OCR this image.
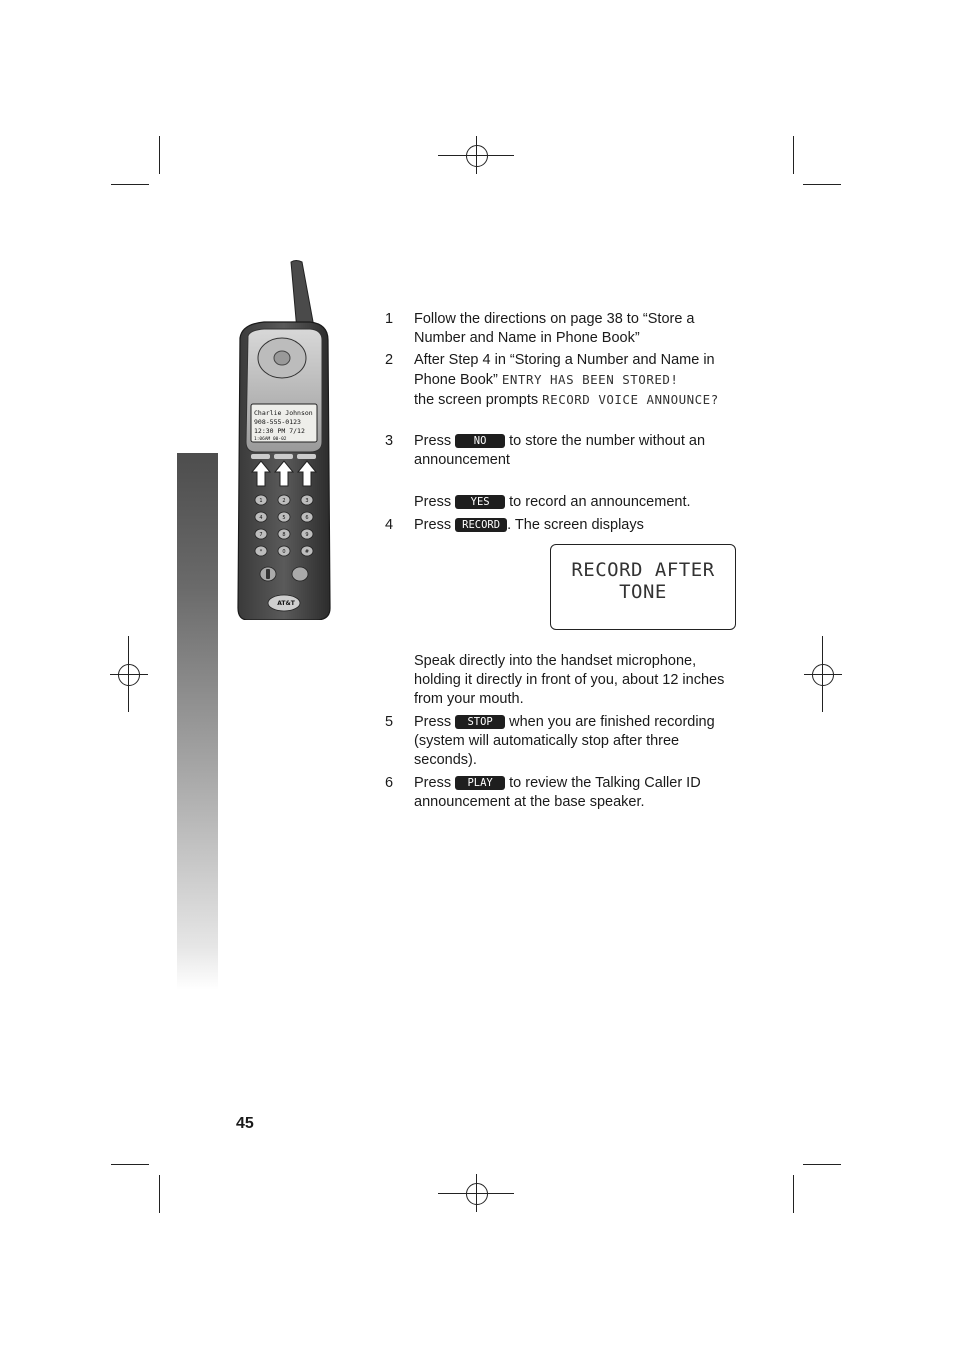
Charlie Johnson
908-555-0123
12:30 PM 7/12
1:06AM 00-02
1	2	3
4	5	6
7	8	9
*	0	#
AT&T
1	Follow the directions on page 38 to “Store a Number and Name in Phone Book”
2	After Step 4 in “Storing a Number and Name in Phone Book” ENTRY HAS BEEN STORED!
the screen prompts RECORD VOICE ANNOUNCE?
3	Press NO to store the number without an announcement
Press YES to record an announcement.
4	Press RECORD . The screen displays
Speak directly into the handset microphone, holding it directly in front of you, about 12 inches from your mouth.
5	Press STOP when you are finished recording (system will automatically stop after three seconds).
6	Press PLAY to review the Talking Caller ID announcement at the base speaker.
RECORD AFTER
TONE
45
